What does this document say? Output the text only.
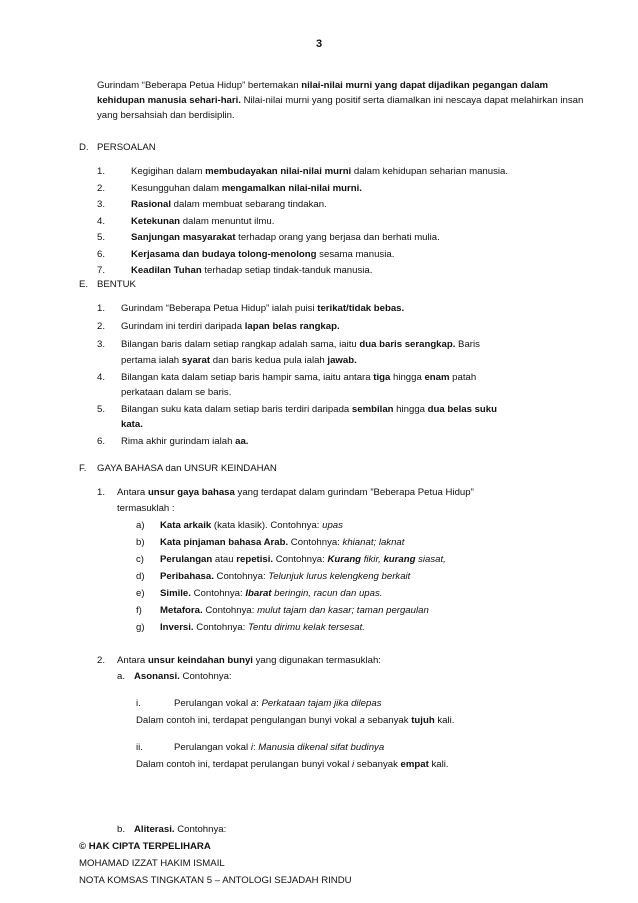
3
Gurindam “Beberapa Petua Hidup” bertemakan nilai-nilai murni yang dapat dijadikan pegangan dalam kehidupan manusia sehari-hari. Nilai-nilai murni yang positif serta diamalkan ini nescaya dapat melahirkan insan yang bersahsiah dan berdisiplin.
D. PERSOALAN
1.	Kegigihan dalam membudayakan nilai-nilai murni dalam kehidupan seharian manusia.
2.	Kesungguhan dalam mengamalkan nilai-nilai murni.
3.	Rasional dalam membuat sebarang tindakan.
4.	Ketekunan dalam menuntut ilmu.
5.	Sanjungan masyarakat terhadap orang yang berjasa dan berhati mulia.
6.	Kerjasama dan budaya tolong-menolong sesama manusia.
7.	Keadilan Tuhan terhadap setiap tindak-tanduk manusia.
E. BENTUK
1. Gurindam “Beberapa Petua Hidup” ialah puisi terikat/tidak bebas.
2. Gurindam ini terdiri daripada lapan belas rangkap.
3. Bilangan baris dalam setiap rangkap adalah sama, iaitu dua baris serangkap. Baris
pertama ialah syarat dan baris kedua pula ialah jawab.
4. Bilangan kata dalam setiap baris hampir sama, iaitu antara tiga hingga enam patah
perkataan dalam se baris.
5. Bilangan suku kata dalam setiap baris terdiri daripada sembilan hingga dua belas suku
kata.
6. Rima akhir gurindam ialah aa.
F. GAYA BAHASA dan UNSUR KEINDAHAN
1. Antara unsur gaya bahasa yang terdapat dalam gurindam ”Beberapa Petua Hidup”
termasuklah :
a) Kata arkaik (kata klasik). Contohnya: upas
b) Kata pinjaman bahasa Arab. Contohnya: khianat; laknat
c) Perulangan atau repetisi. Contohnya: Kurang fikir, kurang siasat,
d) Peribahasa. Contohnya: Telunjuk lurus kelengkeng berkait
e) Simile. Contohnya: Ibarat beringin, racun dan upas.
f) Metafora. Contohnya: mulut tajam dan kasar; taman pergaulan
g) Inversi. Contohnya: Tentu dirimu kelak tersesat.
2. Antara unsur keindahan bunyi yang digunakan termasuklah:
a. Asonansi. Contohnya:
i.	Perulangan vokal a: Perkataan tajam jika dilepas
Dalam contoh ini, terdapat pengulangan bunyi vokal a sebanyak tujuh kali.
ii.	Perulangan vokal i: Manusia dikenal sifat budinya
Dalam contoh ini, terdapat perulangan bunyi vokal i sebanyak empat kali.
b. Aliterasi. Contohnya:
© HAK CIPTA TERPELIHARA
MOHAMAD IZZAT HAKIM ISMAIL
NOTA KOMSAS TINGKATAN 5 – ANTOLOGI SEJADAH RINDU
